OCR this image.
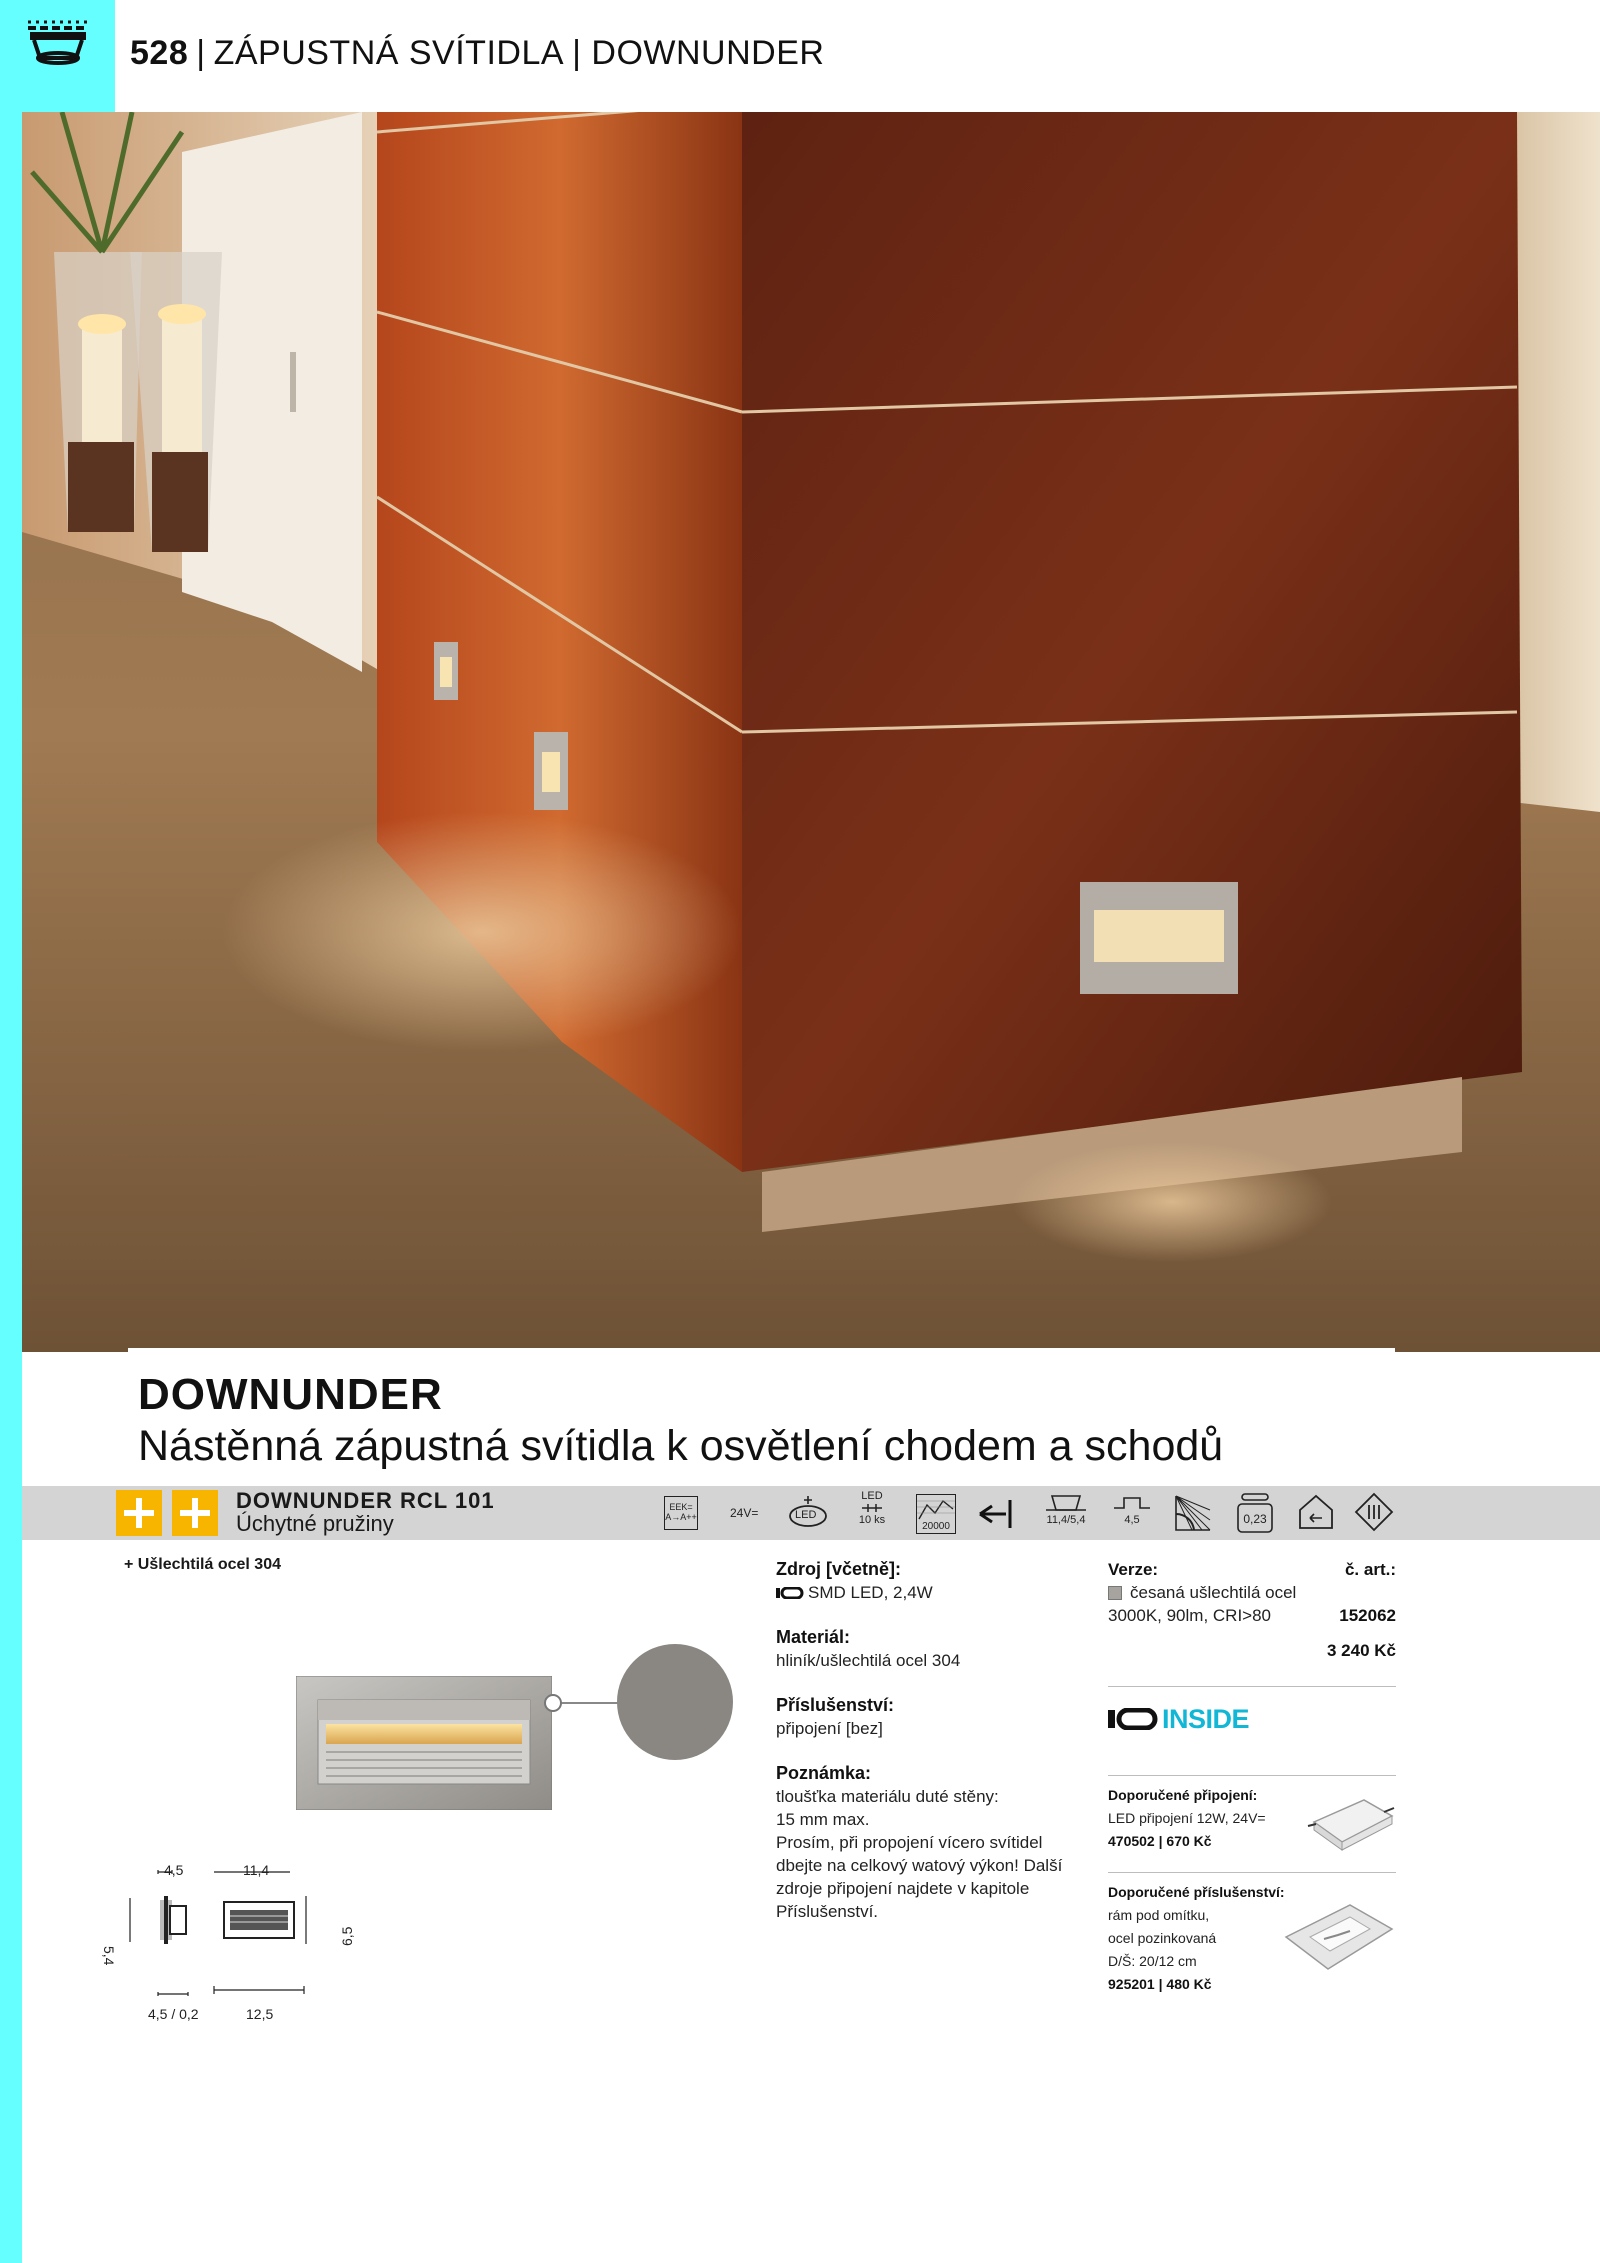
528 | ZÁPUSTNÁ SVÍTIDLA | DOWNUNDER
DOWNUNDER
Nástěnná zápustná svítidla k osvětlení chodem a schodů
DOWNUNDER RCL 101
Úchytné pružiny
EEK= A→A++	24V=	LED
LED
10 ks
20000
11,4/5,4	4,5	0,23
+ Ušlechtilá ocel 304
4,5	11,4
5,4
6,5
4,5 / 0,2	12,5
Zdroj [včetně]:
SMD LED, 2,4W
Materiál:
hliník/ušlechtilá ocel 304
Příslušenství:
připojení [bez]
Poznámka:
tloušťka materiálu duté stěny:
15 mm max.
Prosím, při propojení vícero svítidel
dbejte na celkový watový výkon! Další
zdroje připojení najdete v kapitole
Příslušenství.
Verze:	č. art.:
česaná ušlechtilá ocel
3000K, 90lm, CRI>80	152062
3 240 Kč
INSIDE
Doporučené připojení:
LED připojení 12W, 24V=
470502 | 670 Kč
Doporučené příslušenství:
rám pod omítku,
ocel pozinkovaná
D/Š: 20/12 cm
925201 | 480 Kč
